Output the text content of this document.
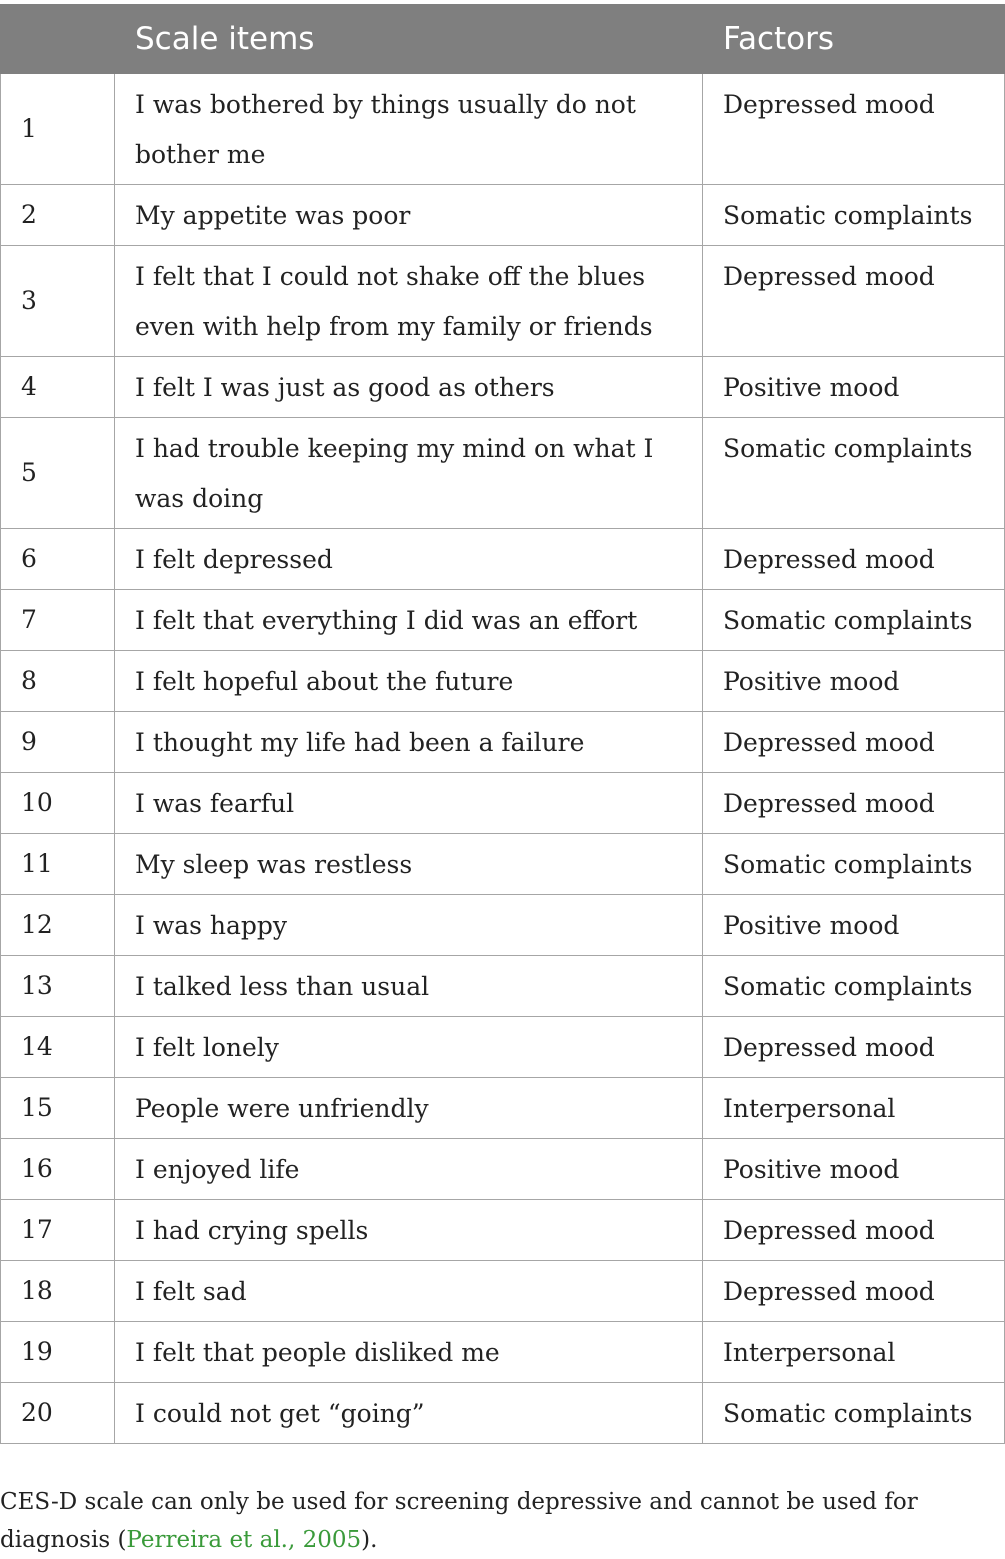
	Scale items	Factors
1	I was bothered by things usually do not bother me	Depressed mood
2	My appetite was poor	Somatic complaints
3	I felt that I could not shake off the blues even with help from my family or friends	Depressed mood
4	I felt I was just as good as others	Positive mood
5	I had trouble keeping my mind on what I was doing	Somatic complaints
6	I felt depressed	Depressed mood
7	I felt that everything I did was an effort	Somatic complaints
8	I felt hopeful about the future	Positive mood
9	I thought my life had been a failure	Depressed mood
10	I was fearful	Depressed mood
11	My sleep was restless	Somatic complaints
12	I was happy	Positive mood
13	I talked less than usual	Somatic complaints
14	I felt lonely	Depressed mood
15	People were unfriendly	Interpersonal
16	I enjoyed life	Positive mood
17	I had crying spells	Depressed mood
18	I felt sad	Depressed mood
19	I felt that people disliked me	Interpersonal
20	I could not get “going”	Somatic complaints

CES-D scale can only be used for screening depressive and cannot be used for diagnosis (Perreira et al., 2005).
